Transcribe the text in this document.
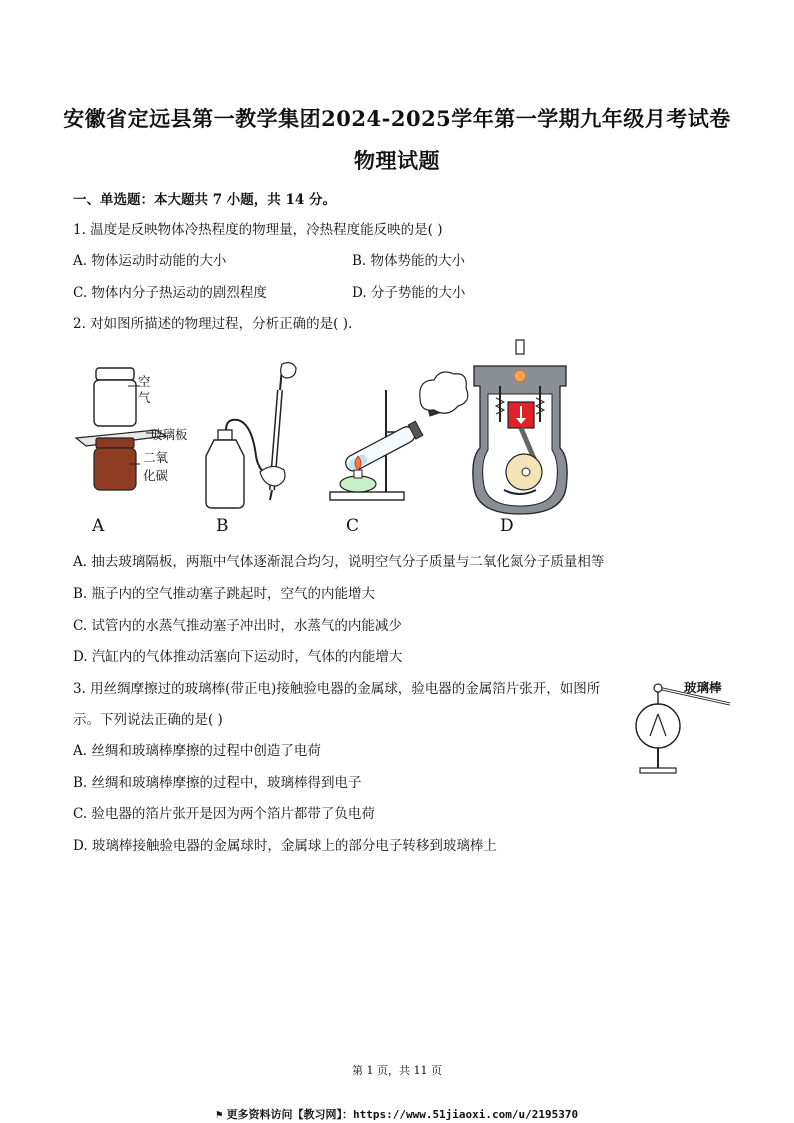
安徽省定远县第一教学集团2024-2025学年第一学期九年级月考试卷
物理试题
一、单选题：本大题共 7 小题，共 14 分。
1. 温度是反映物体冷热程度的物理量，冷热程度能反映的是( )
A. 物体运动时动能的大小	B. 物体势能的大小
C. 物体内分子热运动的剧烈程度	D. 分子势能的大小
2. 对如图所描述的物理过程，分析正确的是( ).
空
气
玻璃板
二氧
化碳
A	B	C	D
A. 抽去玻璃隔板，两瓶中气体逐渐混合均匀，说明空气分子质量与二氧化氮分子质量相等
B. 瓶子内的空气推动塞子跳起时，空气的内能增大
C. 试管内的水蒸气推动塞子冲出时，水蒸气的内能减少
D. 汽缸内的气体推动活塞向下运动时，气体的内能增大
3. 用丝绸摩擦过的玻璃棒(带正电)接触验电器的金属球，验电器的金属箔片张开，如图所
示。下列说法正确的是( )
玻璃棒
A. 丝绸和玻璃棒摩擦的过程中创造了电荷
B. 丝绸和玻璃棒摩擦的过程中，玻璃棒得到电子
C. 验电器的箔片张开是因为两个箔片都带了负电荷
D. 玻璃棒接触验电器的金属球时，金属球上的部分电子转移到玻璃棒上
第 1 页，共 11 页
⚑ 更多资料访问【教习网】：https://www.51jiaoxi.com/u/2195370
